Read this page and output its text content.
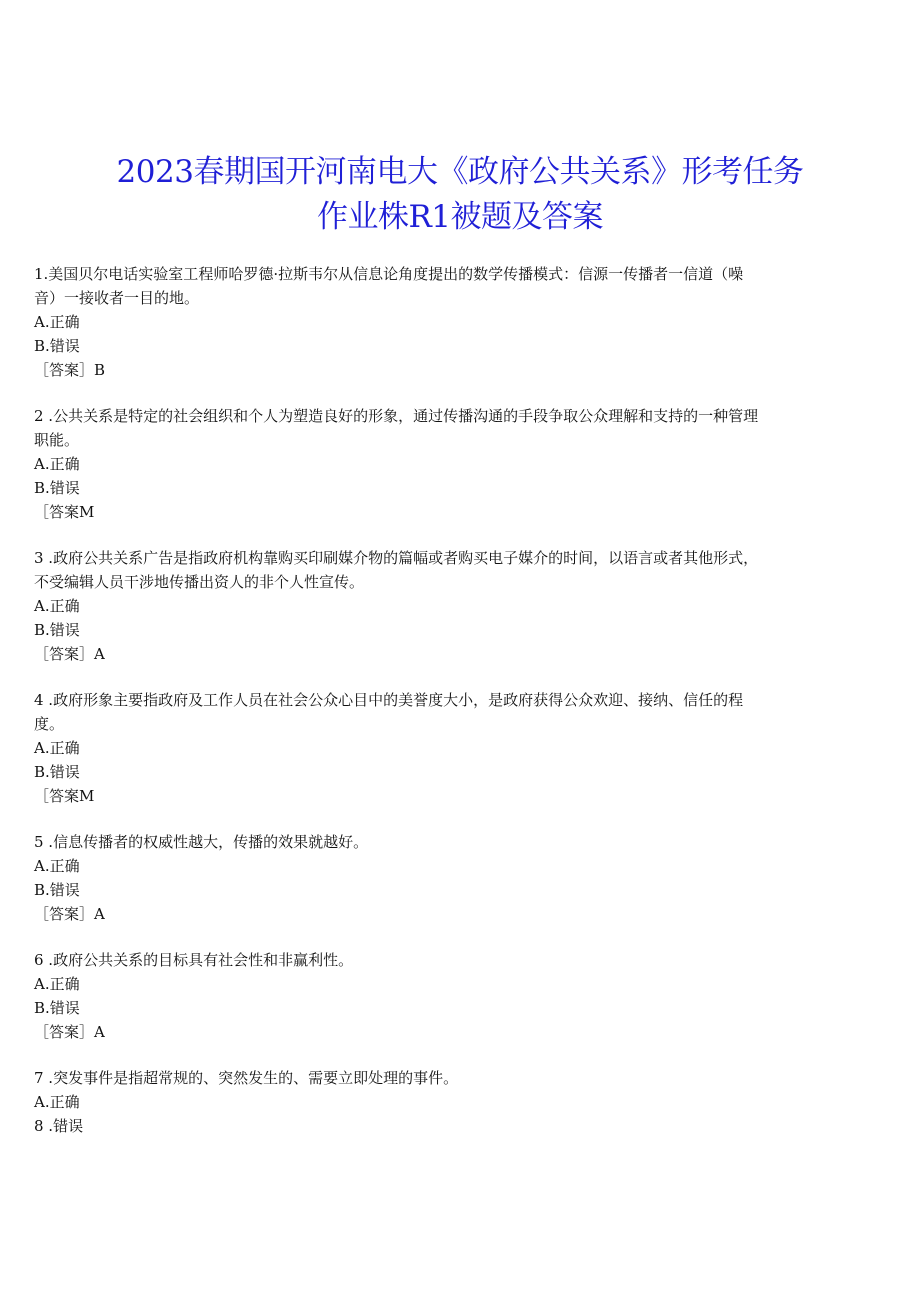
2023春期国开河南电大《政府公共关系》形考任务
作业株R1被题及答案
1.美国贝尔电话实验室工程师哈罗德·拉斯韦尔从信息论角度提出的数学传播模式：信源一传播者一信道（噪
音）一接收者一目的地。
A.正确
B.错误
［答案］B
2 .公共关系是特定的社会组织和个人为塑造良好的形象，通过传播沟通的手段争取公众理解和支持的一种管理
职能。
A.正确
B.错误
［答案M
3 .政府公共关系广告是指政府机构靠购买印刷媒介物的篇幅或者购买电子媒介的时间，以语言或者其他形式，
不受编辑人员干涉地传播出资人的非个人性宣传。
A.正确
B.错误
［答案］A
4 .政府形象主要指政府及工作人员在社会公众心目中的美誉度大小，是政府获得公众欢迎、接纳、信任的程
度。
A.正确
B.错误
［答案M
5 .信息传播者的权威性越大，传播的效果就越好。
A.正确
B.错误
［答案］A
6 .政府公共关系的目标具有社会性和非赢利性。
A.正确
B.错误
［答案］A
7 .突发事件是指超常规的、突然发生的、需要立即处理的事件。
A.正确
8 .错误
